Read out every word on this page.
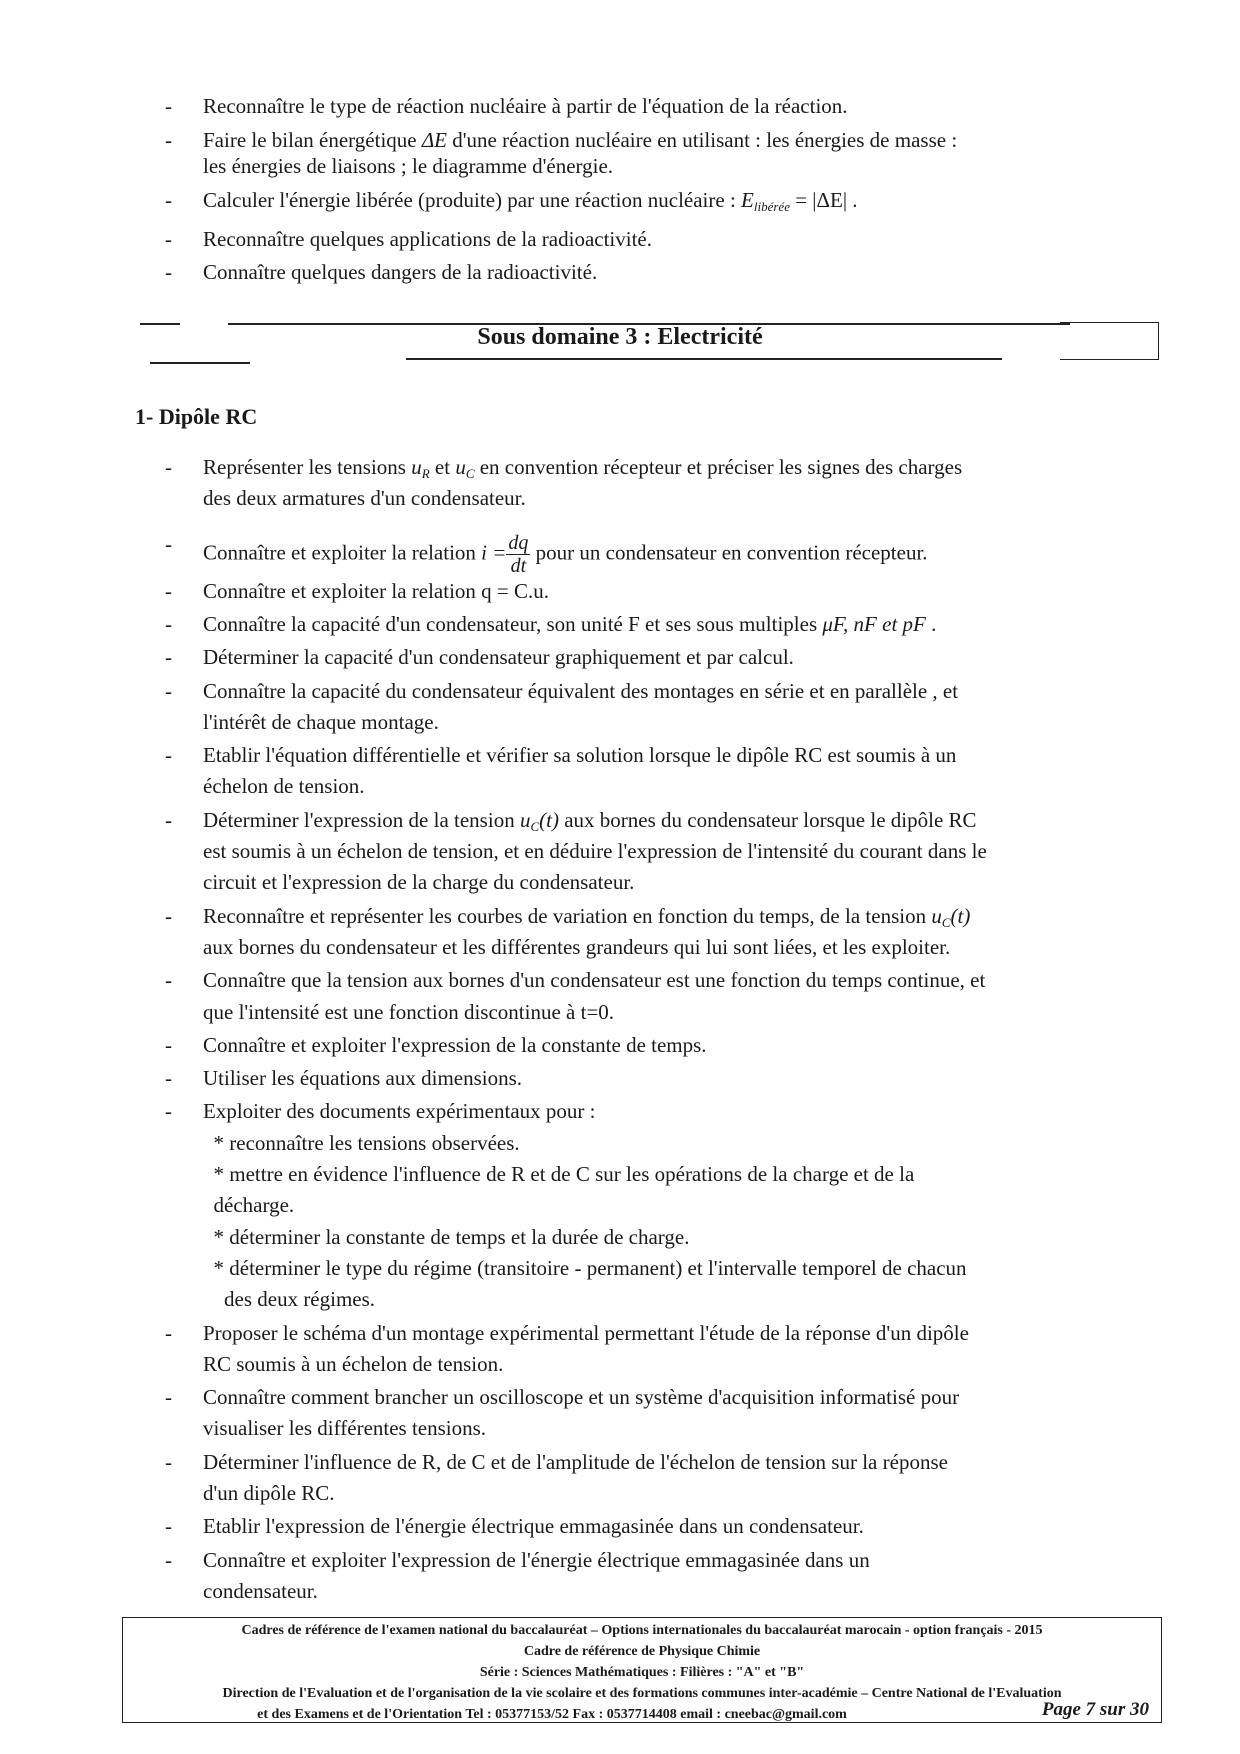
Reconnaître le type de réaction nucléaire à partir de l'équation de la réaction.
-
Faire le bilan énergétique ΔE d'une réaction nucléaire en utilisant : les énergies de masse :
-
les énergies de liaisons ; le diagramme d'énergie.
Calculer l'énergie libérée (produite) par une réaction nucléaire : $E_{libérée} = |\Delta E|$ .
-
Reconnaître quelques applications de la radioactivité.
-
Connaître quelques dangers de la radioactivité.
-
Sous domaine 3 : Electricité
1- Dipôle RC
Représenter les tensions $u_R$ et $u_C$ en convention récepteur et préciser les signes des charges
-
des deux armatures d'un condensateur.
Connaître et exploiter la relation $i = \frac{dq}{dt}$ pour un condensateur en convention récepteur.
-
Connaître et exploiter la relation q = C.u.
-
Connaître la capacité d'un condensateur, son unité F et ses sous multiples μF, nF et pF .
-
Déterminer la capacité d'un condensateur graphiquement et par calcul.
-
Connaître la capacité du condensateur équivalent des montages en série et en parallèle , et
-
l'intérêt de chaque montage.
Etablir l'équation différentielle et vérifier sa solution lorsque le dipôle RC est soumis à un
-
échelon de tension.
Déterminer l'expression de la tension $u_C(t)$ aux bornes du condensateur lorsque le dipôle RC
-
est soumis à un échelon de tension, et en déduire l'expression de l'intensité du courant dans le
circuit et l'expression de la charge du condensateur.
Reconnaître et représenter les courbes de variation en fonction du temps, de la tension $u_C(t)$
-
aux bornes du condensateur et les différentes grandeurs qui lui sont liées, et les exploiter.
Connaître que la tension aux bornes d'un condensateur est une fonction du temps continue, et
-
que l'intensité est une fonction discontinue à t=0.
Connaître et exploiter l'expression de la constante de temps.
-
Utiliser les équations aux dimensions.
-
Exploiter des documents expérimentaux pour :
-
* reconnaître les tensions observées.
* mettre en évidence l'influence de R et de C sur les opérations de la charge et de la
décharge.
* déterminer la constante de temps et la durée de charge.
* déterminer le type du régime (transitoire - permanent) et l'intervalle temporel de chacun
des deux régimes.
Proposer le schéma d'un montage expérimental permettant l'étude de la réponse d'un dipôle
-
RC soumis à un échelon de tension.
Connaître comment brancher un oscilloscope et un système d'acquisition informatisé pour
-
visualiser les différentes tensions.
Déterminer l'influence de R, de C et de l'amplitude de l'échelon de tension sur la réponse
-
d'un dipôle RC.
Etablir l'expression de l'énergie électrique emmagasinée dans un condensateur.
-
Connaître et exploiter l'expression de l'énergie électrique emmagasinée dans un
-
condensateur.
Cadres de référence de l'examen national du baccalauréat – Options internationales du baccalauréat marocain - option français - 2015
Cadre de référence de Physique Chimie
Série : Sciences Mathématiques : Filières : "A" et "B"
Direction de l'Evaluation et de l'organisation de la vie scolaire et des formations communes inter-académie – Centre National de l'Evaluation
et des Examens et de l'Orientation Tel : 05377153/52 Fax : 0537714408 email : cneebac@gmail.com	Page 7 sur 30
